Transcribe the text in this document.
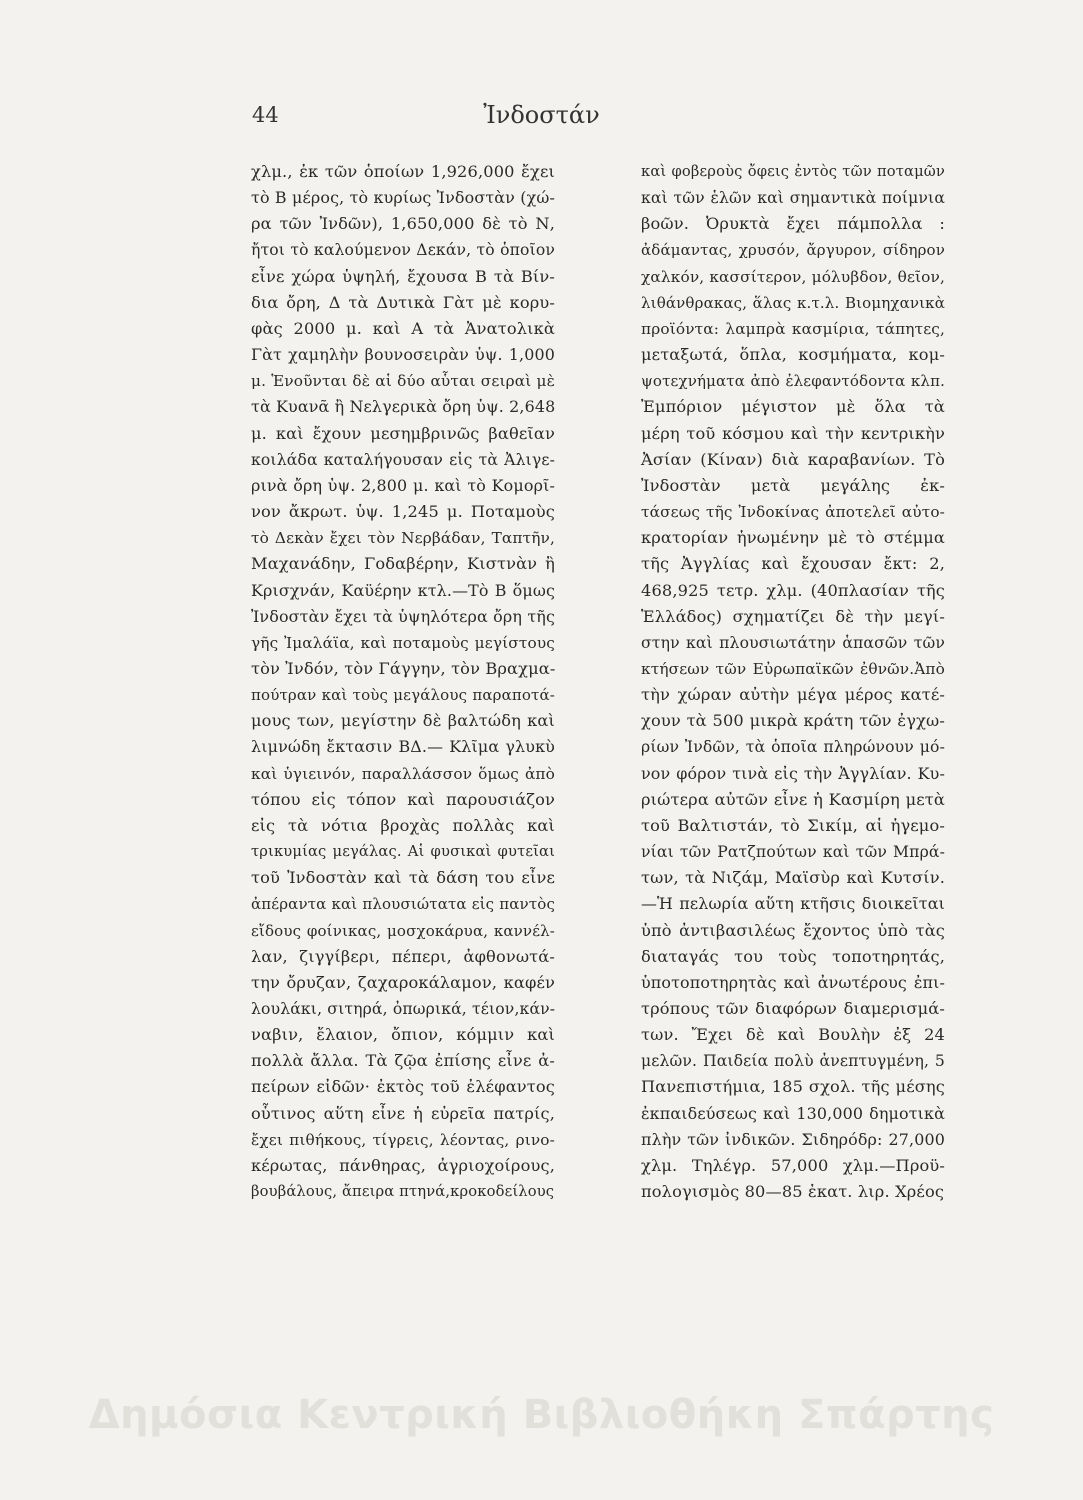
44	Ἰνδοστάν
χλμ., ἐκ τῶν ὁποίων 1,926,000 ἔχει
τὸ Β μέρος, τὸ κυρίως Ἰνδοστὰν (χώ-
ρα τῶν Ἰνδῶν), 1,650,000 δὲ τὸ Ν,
ἤτοι τὸ καλούμενον Δεκάν, τὸ ὁποῖον
εἶνε χώρα ὑψηλή, ἔχουσα Β τὰ Βίν-
δια ὄρη, Δ τὰ Δυτικὰ Γὰτ μὲ κορυ-
φὰς 2000 μ. καὶ Α τὰ Ἀνατολικὰ
Γὰτ χαμηλὴν βουνοσειρὰν ὑψ. 1,000
μ. Ἑνοῦνται δὲ αἱ δύο αὗται σειραὶ μὲ
τὰ Κυανᾶ ἢ Νελγερικὰ ὄρη ὑψ. 2,648
μ. καὶ ἔχουν μεσημβρινῶς βαθεῖαν
κοιλάδα καταλήγουσαν εἰς τὰ Ἀλιγε-
ρινὰ ὄρη ὑψ. 2,800 μ. καὶ τὸ Κομορῖ-
νον ἄκρωτ. ὑψ. 1,245 μ. Ποταμοὺς
τὸ Δεκὰν ἔχει τὸν Νερβάδαν, Ταπτῆν,
Μαχανάδην, Γοδαβέρην, Κιστνὰν ἢ
Κρισχνάν, Καϋέρην κτλ.—Τὸ Β ὅμως
Ἰνδοστὰν ἔχει τὰ ὑψηλότερα ὄρη τῆς
γῆς Ἰμαλάϊα, καὶ ποταμοὺς μεγίστους
τὸν Ἰνδόν, τὸν Γάγγην, τὸν Βραχμα-
πούτραν καὶ τοὺς μεγάλους παραποτά-
μους των, μεγίστην δὲ βαλτώδη καὶ
λιμνώδη ἔκτασιν ΒΔ.— Κλῖμα γλυκὺ
καὶ ὑγιεινόν, παραλλάσσον ὅμως ἀπὸ
τόπου εἰς τόπον καὶ παρουσιάζον
εἰς τὰ νότια βροχὰς πολλὰς καὶ
τρικυμίας μεγάλας. Αἱ φυσικαὶ φυτεῖαι
τοῦ Ἰνδοστὰν καὶ τὰ δάση του εἶνε
ἀπέραντα καὶ πλουσιώτατα εἰς παντὸς
εἴδους φοίνικας, μοσχοκάρυα, καννέλ-
λαν, ζιγγίβερι, πέπερι, ἀφθονωτά-
την ὄρυζαν, ζαχαροκάλαμον, καφέν
λουλάκι, σιτηρά, ὀπωρικά, τέιον,κάν-
ναβιν, ἔλαιον, ὄπιον, κόμμιν καὶ
πολλὰ ἄλλα. Τὰ ζῷα ἐπίσης εἶνε ἀ-
πείρων εἰδῶν· ἐκτὸς τοῦ ἐλέφαντος
οὗτινος αὕτη εἶνε ἡ εὐρεῖα πατρίς,
ἔχει πιθήκους, τίγρεις, λέοντας, ρινο-
κέρωτας, πάνθηρας, ἀγριοχοίρους,
βουβάλους, ἄπειρα πτηνά,κροκοδείλους
καὶ φοβεροὺς ὄφεις ἐντὸς τῶν ποταμῶν
καὶ τῶν ἑλῶν καὶ σημαντικὰ ποίμνια
βοῶν. Ὀρυκτὰ ἔχει πάμπολλα :
ἀδάμαντας, χρυσόν, ἄργυρον, σίδηρον
χαλκόν, κασσίτερον, μόλυβδον, θεῖον,
λιθάνθρακας, ἅλας κ.τ.λ. Βιομηχανικὰ
προϊόντα: λαμπρὰ κασμίρια, τάπητες,
μεταξωτά, ὅπλα, κοσμήματα, κομ-
ψοτεχνήματα ἀπὸ ἐλεφαντόδοντα κλπ.
Ἐμπόριον μέγιστον μὲ ὅλα τὰ
μέρη τοῦ κόσμου καὶ τὴν κεντρικὴν
Ἀσίαν (Κίναν) διὰ καραβανίων. Τὸ
Ἰνδοστὰν μετὰ μεγάλης ἐκ-
τάσεως τῆς Ἰνδοκίνας ἀποτελεῖ αὐτο-
κρατορίαν ἡνωμένην μὲ τὸ στέμμα
τῆς Ἀγγλίας καὶ ἔχουσαν ἔκτ: 2,
468,925 τετρ. χλμ. (40πλασίαν τῆς
Ἑλλάδος) σχηματίζει δὲ τὴν μεγί-
στην καὶ πλουσιωτάτην ἁπασῶν τῶν
κτήσεων τῶν Εὐρωπαϊκῶν ἐθνῶν.Ἀπὸ
τὴν χώραν αὐτὴν μέγα μέρος κατέ-
χουν τὰ 500 μικρὰ κράτη τῶν ἐγχω-
ρίων Ἰνδῶν, τὰ ὁποῖα πληρώνουν μό-
νον φόρον τινὰ εἰς τὴν Ἀγγλίαν. Κυ-
ριώτερα αὐτῶν εἶνε ἡ Κασμίρη μετὰ
τοῦ Βαλτιστάν, τὸ Σικίμ, αἱ ἡγεμο-
νίαι τῶν Ρατζπούτων καὶ τῶν Μπρά-
των, τὰ Νιζάμ, Μαϊσὺρ καὶ Κυτσίν.
—Ἡ πελωρία αὕτη κτῆσις διοικεῖται
ὑπὸ ἀντιβασιλέως ἔχοντος ὑπὸ τὰς
διαταγάς του τοὺς τοποτηρητάς,
ὑποτοποτηρητὰς καὶ ἀνωτέρους ἐπι-
τρόπους τῶν διαφόρων διαμερισμά-
των. Ἔχει δὲ καὶ Βουλὴν ἐξ 24
μελῶν. Παιδεία πολὺ ἀνεπτυγμένη, 5
Πανεπιστήμια, 185 σχολ. τῆς μέσης
ἐκπαιδεύσεως καὶ 130,000 δημοτικὰ
πλὴν τῶν ἰνδικῶν. Σιδηρόδρ: 27,000
χλμ. Τηλέγρ. 57,000 χλμ.—Προϋ-
πολογισμὸς 80—85 ἑκατ. λιρ. Χρέος
Δημόσια Κεντρική Βιβλιοθήκη Σπάρτης
